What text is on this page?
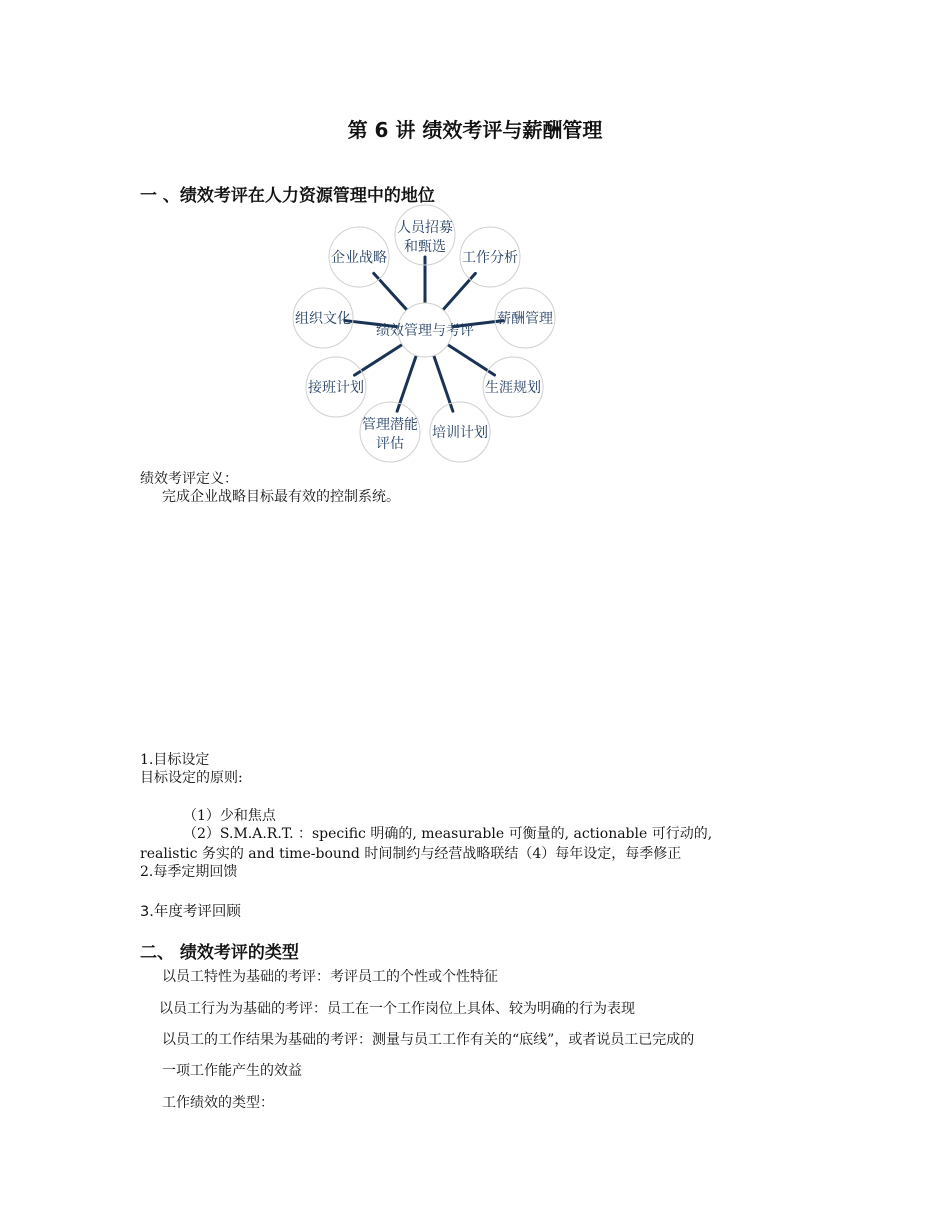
第 6 讲 绩效考评与薪酬管理
一 、绩效考评在人力资源管理中的地位
人员招募
和甄选
工作分析
薪酬管理
生涯规划
培训计划
管理潜能
评估
接班计划
组织文化
企业战略
绩效管理与考评
绩效考评定义：
完成企业战略目标最有效的控制系统。
1.目标设定
目标设定的原则:
（1）少和焦点
（2）S.M.A.R.T. ：specific 明确的, measurable 可衡量的, actionable 可行动的,
realistic 务实的 and time-bound 时间制约与经营战略联结（4）每年设定，每季修正
2.每季定期回馈
3.年度考评回顾
二、 绩效考评的类型
以员工特性为基础的考评：考评员工的个性或个性特征
以员工行为为基础的考评：员工在一个工作岗位上具体、较为明确的行为表现
以员工的工作结果为基础的考评：测量与员工工作有关的“底线”，或者说员工已完成的
一项工作能产生的效益
工作绩效的类型：
